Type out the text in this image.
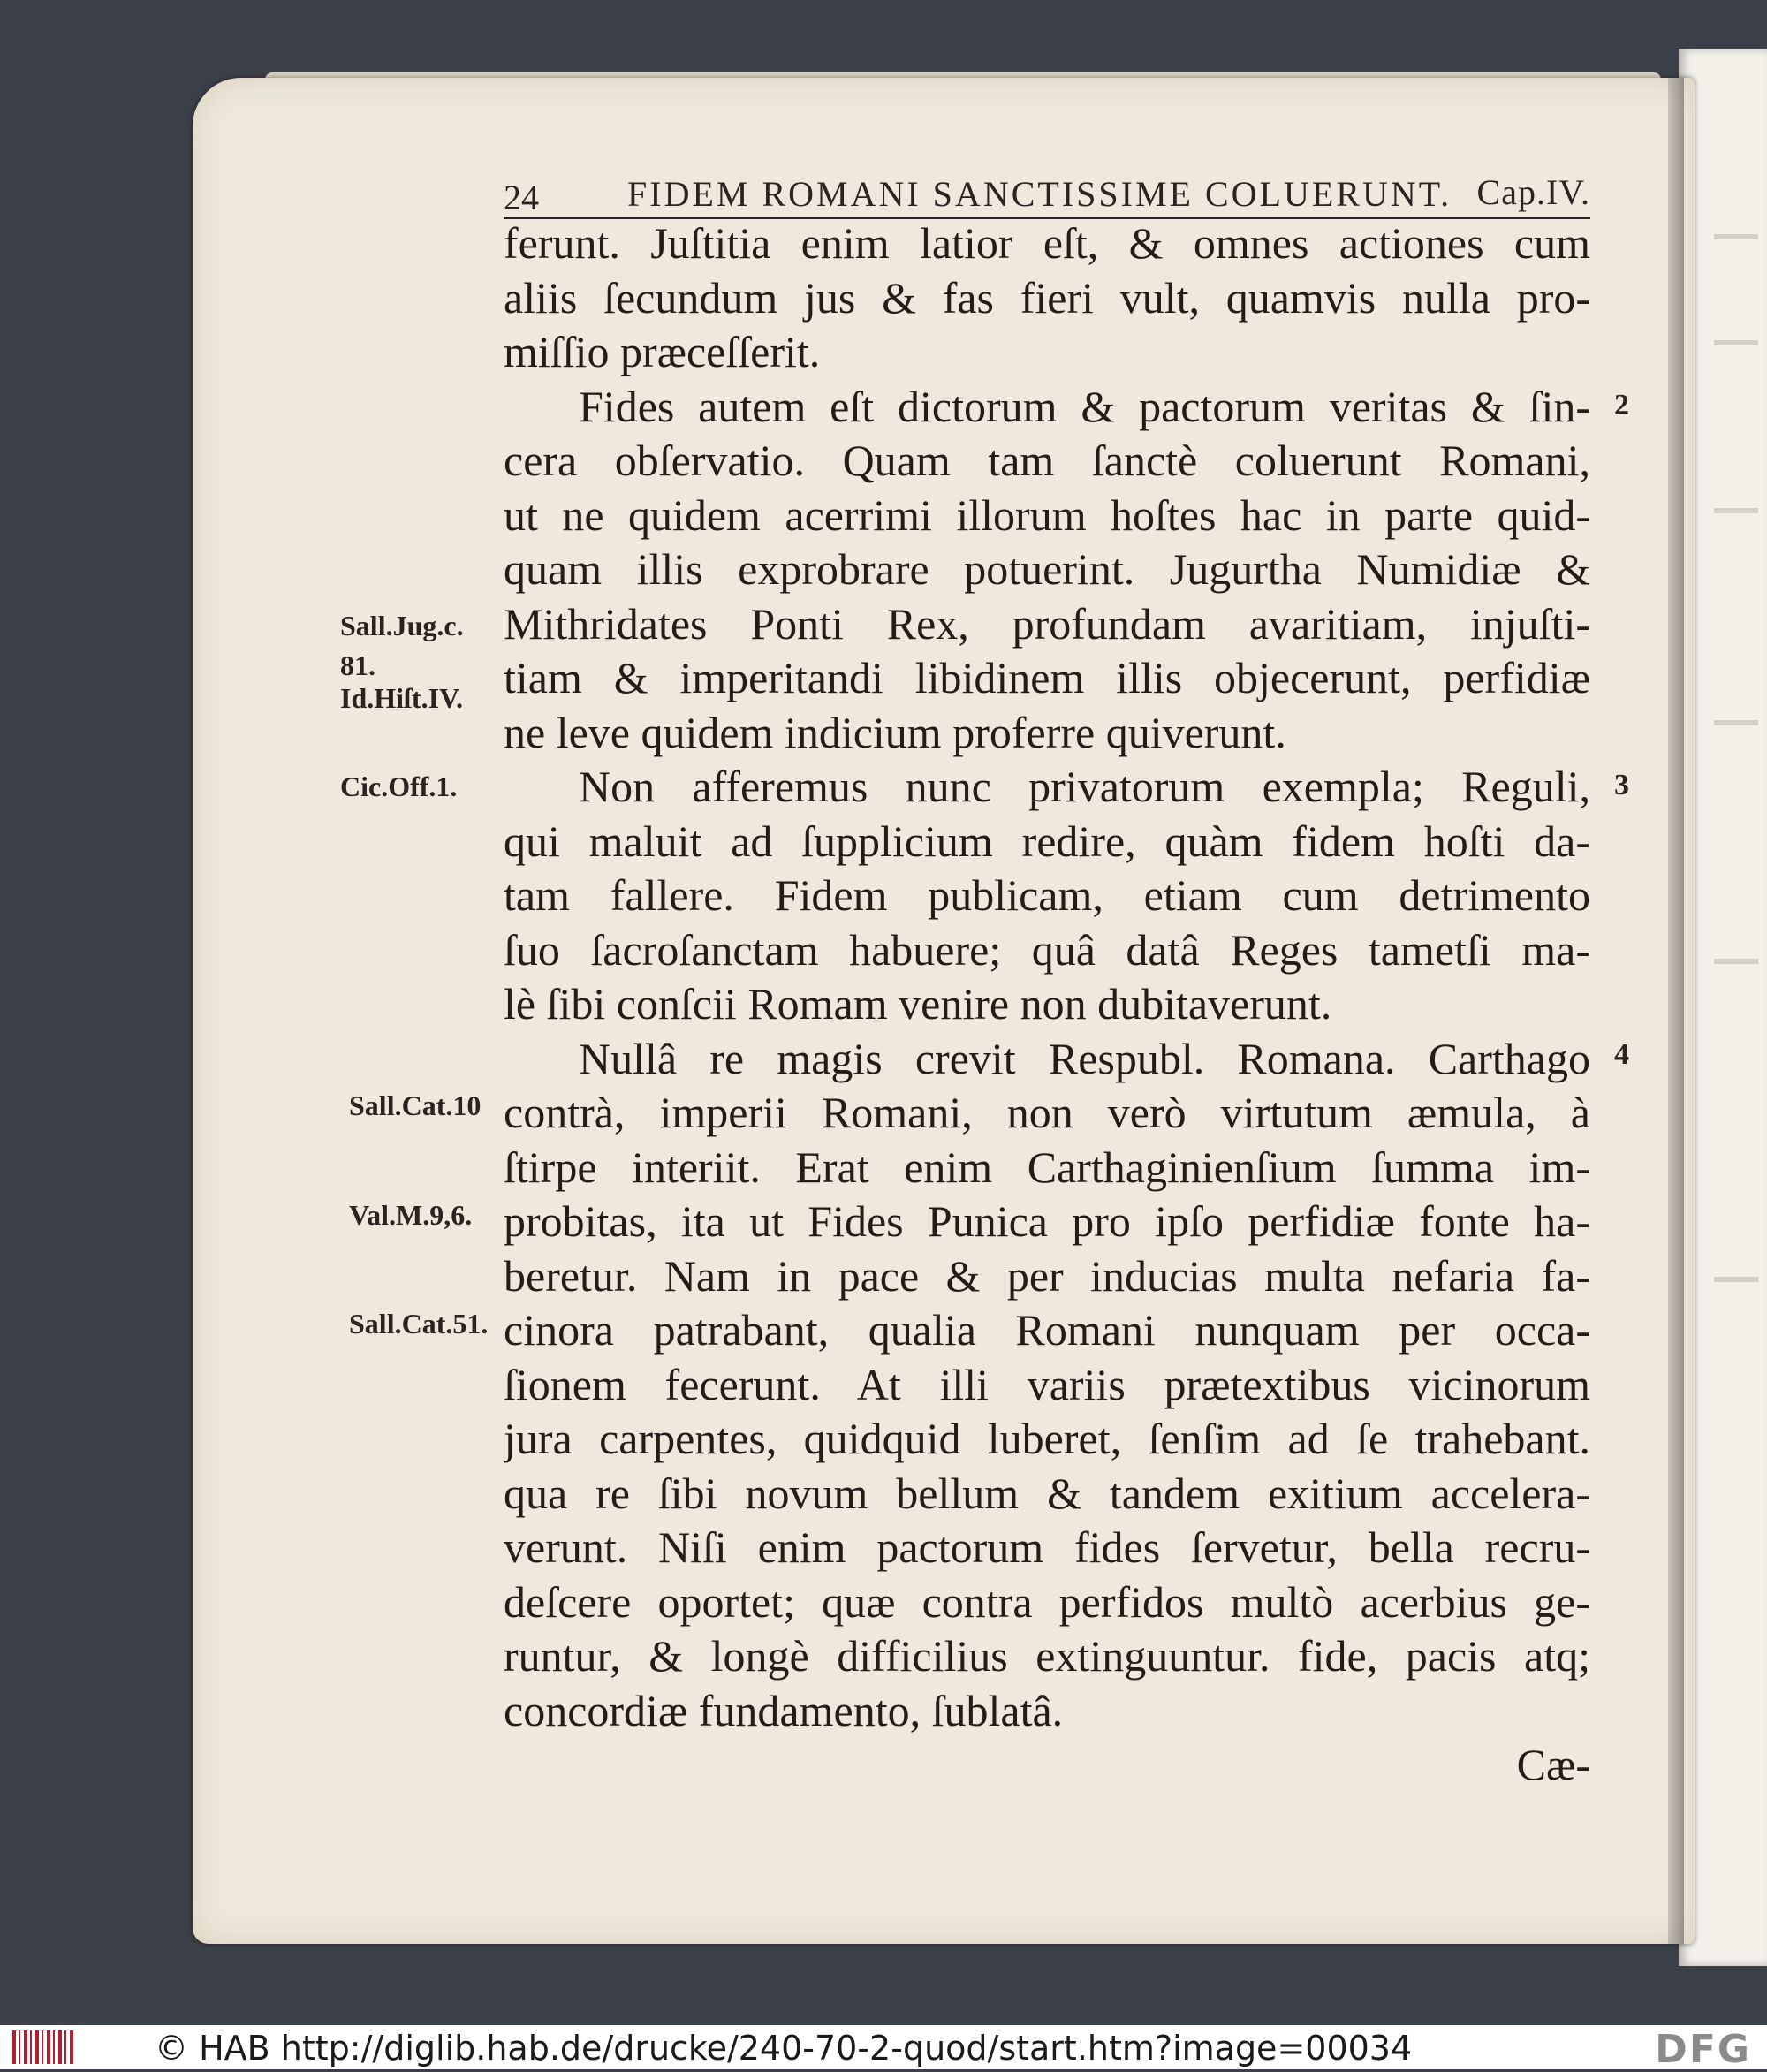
24	FIDEM ROMANI SANCTISSIME COLUERUNT. Cap.IV.
ferunt. Juſtitia enim latior eſt, & omnes actiones cum
aliis ſecundum jus & fas fieri vult, quamvis nulla pro-
miſſio præceſſerit.
Fides autem eſt dictorum & pactorum veritas & ſin-
cera obſervatio. Quam tam ſanctè coluerunt Romani,
ut ne quidem acerrimi illorum hoſtes hac in parte quid-
quam illis exprobrare potuerint. Jugurtha Numidiæ &
Mithridates Ponti Rex, profundam avaritiam, injuſti-
tiam & imperitandi libidinem illis objecerunt, perfidiæ
ne leve quidem indicium proferre quiverunt.
Non afferemus nunc privatorum exempla; Reguli,
qui maluit ad ſupplicium redire, quàm fidem hoſti da-
tam fallere. Fidem publicam, etiam cum detrimento
ſuo ſacroſanctam habuere; quâ datâ Reges tametſi ma-
lè ſibi conſcii Romam venire non dubitaverunt.
Nullâ re magis crevit Respubl. Romana. Carthago
contrà, imperii Romani, non verò virtutum æmula, à
ſtirpe interiit. Erat enim Carthaginienſium ſumma im-
probitas, ita ut Fides Punica pro ipſo perfidiæ fonte ha-
beretur. Nam in pace & per inducias multa nefaria fa-
cinora patrabant, qualia Romani nunquam per occa-
ſionem fecerunt. At illi variis prætextibus vicinorum
jura carpentes, quidquid luberet, ſenſim ad ſe trahebant.
qua re ſibi novum bellum & tandem exitium accelera-
verunt. Niſi enim pactorum fides ſervetur, bella recru-
deſcere oportet; quæ contra perfidos multò acerbius ge-
runtur, & longè difficilius extinguuntur. fide, pacis atq;
concordiæ fundamento, ſublatâ.
Cæ-
Sall.Jug.c.
81.
Id.Hiſt.IV.
Cic.Off.1.
Sall.Cat.10
Val.M.9,6.
Sall.Cat.51.
2
3
4
© HAB http://diglib.hab.de/drucke/240-70-2-quod/start.htm?image=00034	DFG
